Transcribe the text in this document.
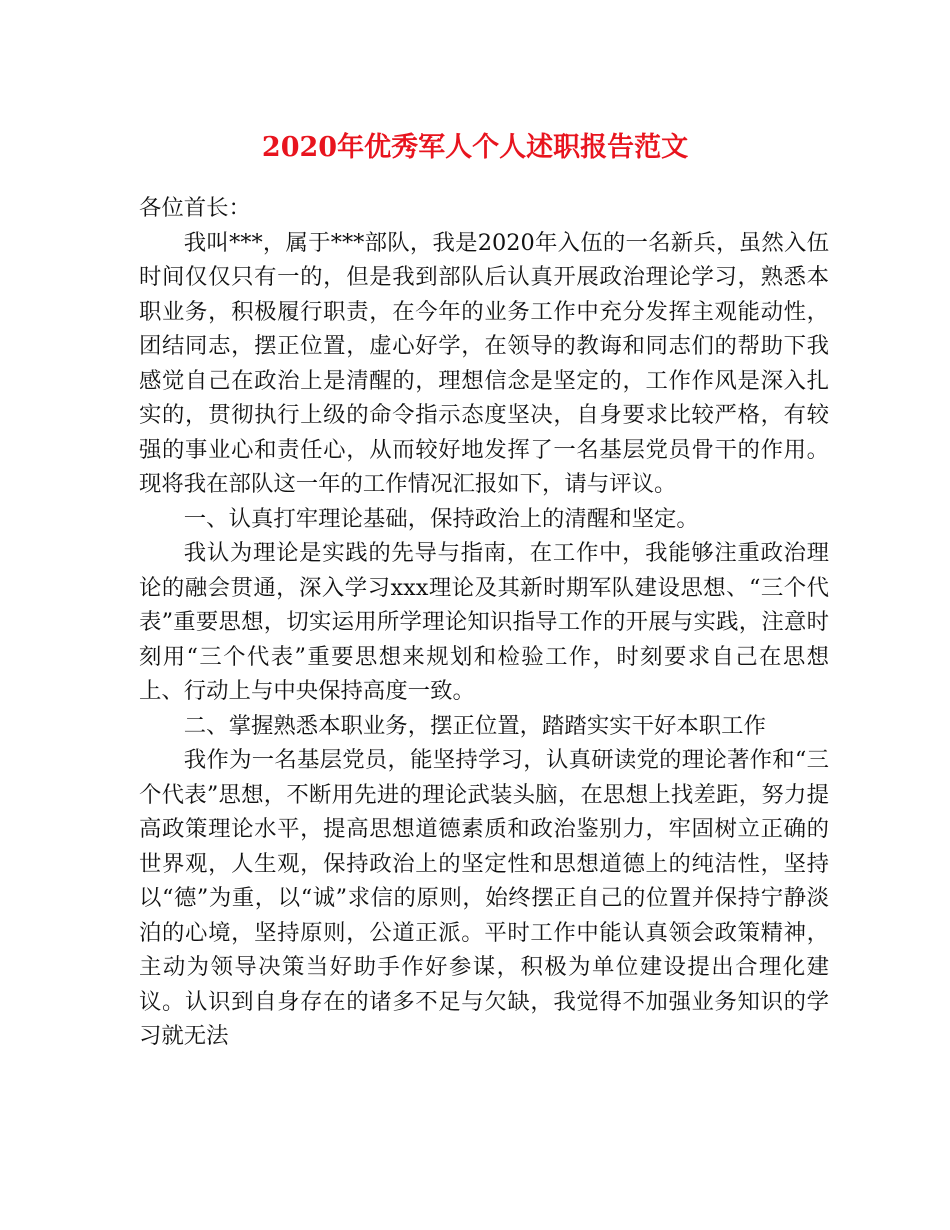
2020年优秀军人个人述职报告范文

各位首长：

我叫***，属于***部队，我是2020年入伍的一名新兵，虽然入伍时间仅仅只有一的，但是我到部队后认真开展政治理论学习，熟悉本职业务，积极履行职责，在今年的业务工作中充分发挥主观能动性，团结同志，摆正位置，虚心好学，在领导的教诲和同志们的帮助下我感觉自己在政治上是清醒的，理想信念是坚定的，工作作风是深入扎实的，贯彻执行上级的命令指示态度坚决，自身要求比较严格，有较强的事业心和责任心，从而较好地发挥了一名基层党员骨干的作用。现将我在部队这一年的工作情况汇报如下，请与评议。

一、认真打牢理论基础，保持政治上的清醒和坚定。

我认为理论是实践的先导与指南，在工作中，我能够注重政治理论的融会贯通，深入学习xxx理论及其新时期军队建设思想、“三个代表”重要思想，切实运用所学理论知识指导工作的开展与实践，注意时刻用“三个代表”重要思想来规划和检验工作，时刻要求自己在思想上、行动上与中央保持高度一致。

二、掌握熟悉本职业务，摆正位置，踏踏实实干好本职工作

我作为一名基层党员，能坚持学习，认真研读党的理论著作和“三个代表”思想，不断用先进的理论武装头脑，在思想上找差距，努力提高政策理论水平，提高思想道德素质和政治鉴别力，牢固树立正确的世界观，人生观，保持政治上的坚定性和思想道德上的纯洁性，坚持以“德”为重，以“诚”求信的原则，始终摆正自己的位置并保持宁静淡泊的心境，坚持原则，公道正派。平时工作中能认真领会政策精神，主动为领导决策当好助手作好参谋，积极为单位建设提出合理化建议。认识到自身存在的诸多不足与欠缺，我觉得不加强业务知识的学习就无法
